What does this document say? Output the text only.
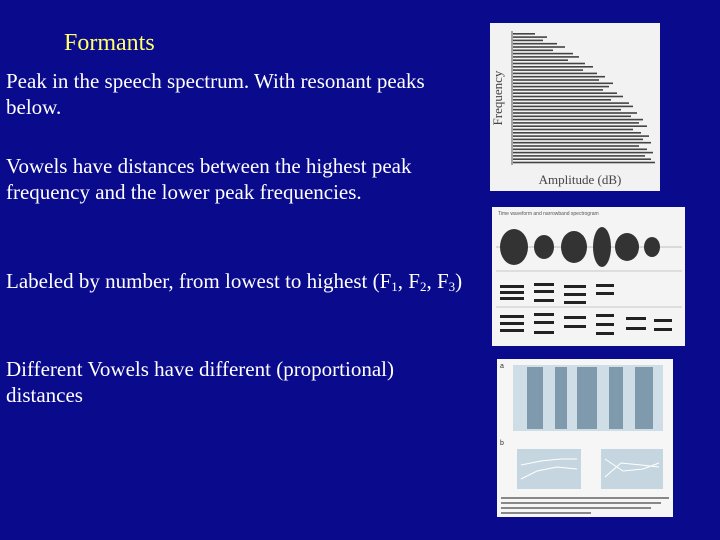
Formants
Peak in the speech spectrum. With resonant peaks below.
Vowels have distances between the highest peak frequency and the lower peak frequencies.
Labeled by number, from lowest to highest ($F_1$, $F_2$, $F_3$)
Different Vowels have different (proportional) distances
Frequency
Amplitude (dB)
Time waveform and narrowband spectrogram
a
b
